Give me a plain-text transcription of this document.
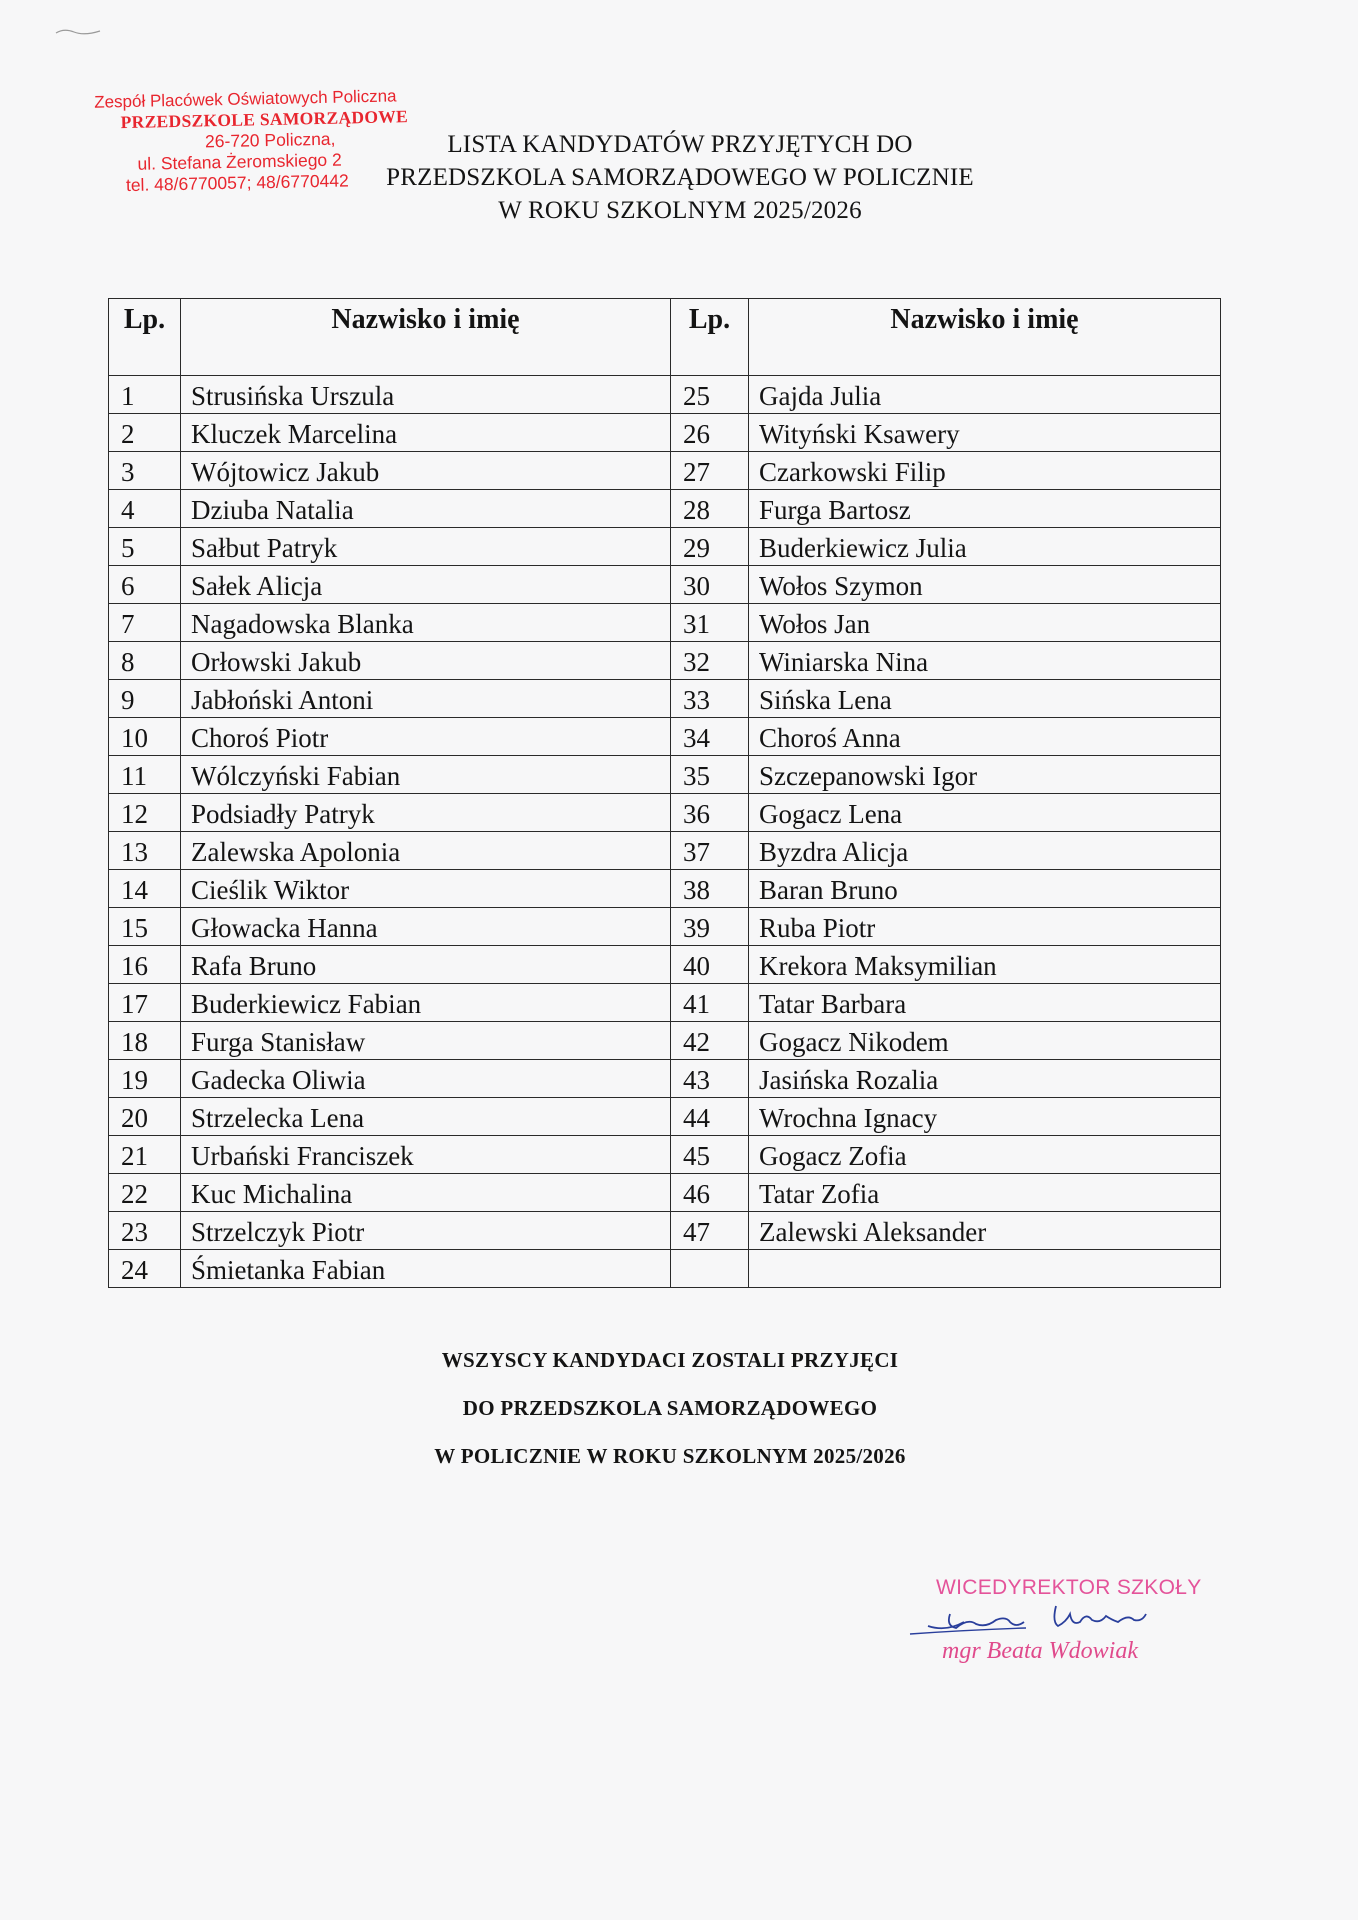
Zespół Placówek Oświatowych Policzna
PRZEDSZKOLE SAMORZĄDOWE
26-720 Policzna,
ul. Stefana Żeromskiego 2
tel. 48/6770057; 48/6770442
LISTA KANDYDATÓW PRZYJĘTYCH DO
PRZEDSZKOLA SAMORZĄDOWEGO W POLICZNIE
W ROKU SZKOLNYM 2025/2026
Lp.	Nazwisko i imię	Lp.	Nazwisko i imię
1	Strusińska Urszula	25	Gajda Julia
2	Kluczek Marcelina	26	Wityński Ksawery
3	Wójtowicz Jakub	27	Czarkowski Filip
4	Dziuba Natalia	28	Furga Bartosz
5	Sałbut Patryk	29	Buderkiewicz Julia
6	Sałek Alicja	30	Wołos Szymon
7	Nagadowska Blanka	31	Wołos Jan
8	Orłowski Jakub	32	Winiarska Nina
9	Jabłoński Antoni	33	Sińska Lena
10	Choroś Piotr	34	Choroś Anna
11	Wólczyński Fabian	35	Szczepanowski Igor
12	Podsiadły Patryk	36	Gogacz Lena
13	Zalewska Apolonia	37	Byzdra Alicja
14	Cieślik Wiktor	38	Baran Bruno
15	Głowacka Hanna	39	Ruba Piotr
16	Rafa Bruno	40	Krekora Maksymilian
17	Buderkiewicz Fabian	41	Tatar Barbara
18	Furga Stanisław	42	Gogacz Nikodem
19	Gadecka Oliwia	43	Jasińska Rozalia
20	Strzelecka Lena	44	Wrochna Ignacy
21	Urbański Franciszek	45	Gogacz Zofia
22	Kuc Michalina	46	Tatar Zofia
23	Strzelczyk Piotr	47	Zalewski Aleksander
24	Śmietanka Fabian		
WSZYSCY KANDYDACI ZOSTALI PRZYJĘCI
DO PRZEDSZKOLA SAMORZĄDOWEGO
W POLICZNIE W ROKU SZKOLNYM 2025/2026
WICEDYREKTOR SZKOŁY
mgr Beata Wdowiak
